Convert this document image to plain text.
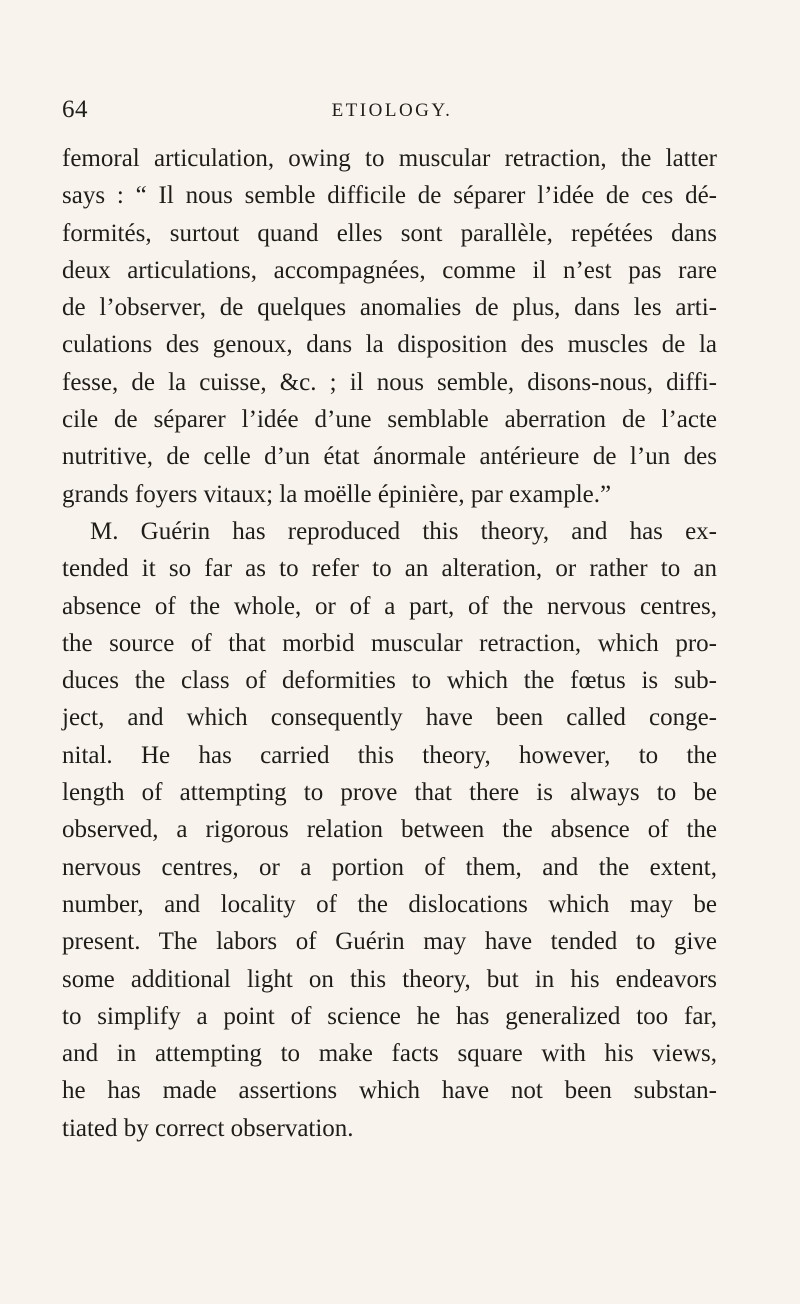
64	ETIOLOGY.
femoral articulation, owing to muscular retraction, the latter
says : “ Il nous semble difficile de séparer l’idée de ces dé-
formités, surtout quand elles sont parallèle, repétées dans
deux articulations, accompagnées, comme il n’est pas rare
de l’observer, de quelques anomalies de plus, dans les arti-
culations des genoux, dans la disposition des muscles de la
fesse, de la cuisse, &c. ; il nous semble, disons-nous, diffi-
cile de séparer l’idée d’une semblable aberration de l’acte
nutritive, de celle d’un état ánormale antérieure de l’un des
grands foyers vitaux; la moëlle épinière, par example.”
M. Guérin has reproduced this theory, and has ex-
tended it so far as to refer to an alteration, or rather to an
absence of the whole, or of a part, of the nervous centres,
the source of that morbid muscular retraction, which pro-
duces the class of deformities to which the fœtus is sub-
ject, and which consequently have been called conge-
nital. He has carried this theory, however, to the
length of attempting to prove that there is always to be
observed, a rigorous relation between the absence of the
nervous centres, or a portion of them, and the extent,
number, and locality of the dislocations which may be
present. The labors of Guérin may have tended to give
some additional light on this theory, but in his endeavors
to simplify a point of science he has generalized too far,
and in attempting to make facts square with his views,
he has made assertions which have not been substan-
tiated by correct observation.
